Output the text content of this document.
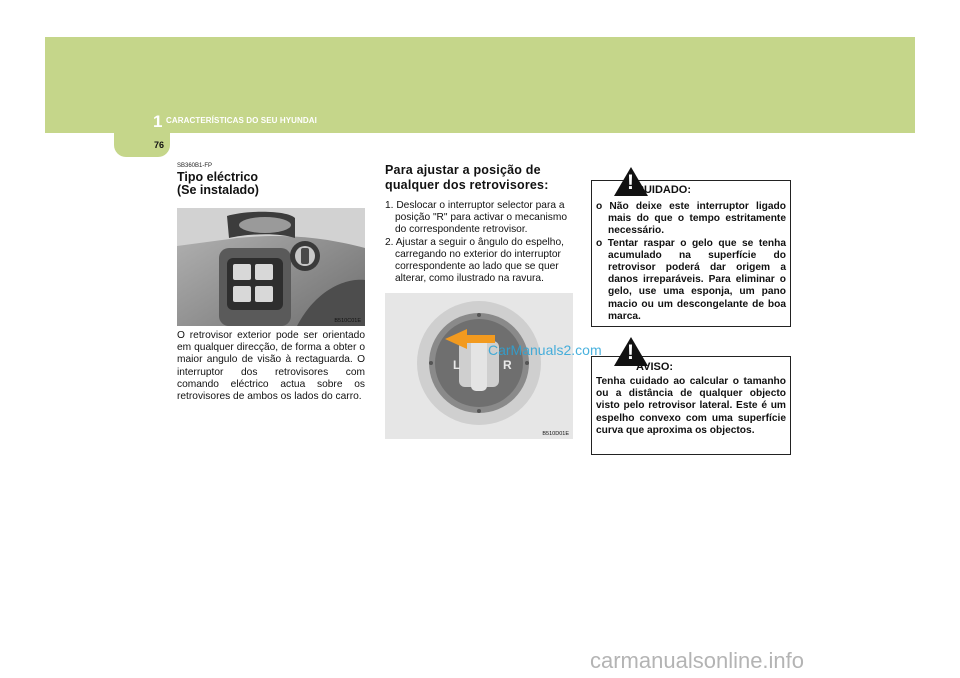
1 CARACTERÍSTICAS DO SEU HYUNDAI
76

SB360B1-FP

Tipo eléctrico

(Se instalado)

B510C01E

O retrovisor exterior pode ser orientado em qualquer direcção, de forma a obter o maior angulo de visão à rectaguarda. O interruptor dos retrovisores com comando eléctrico actua sobre os retrovisores de ambos os lados do carro.

Para ajustar a posição de qualquer dos retrovisores:

1. Deslocar o interruptor selector para a posição "R" para activar o mecanismo do correspondente retrovisor.
2. Ajustar a seguir o ângulo do espelho, carregando no exterior do interruptor correspondente ao lado que se quer alterar, como ilustrado na ravura.
L	R
B510D01E
! CUIDADO:
o Não deixe este interruptor ligado mais do que o tempo estritamente necessário.
o Tentar raspar o gelo que se tenha acumulado na superfície do retrovisor poderá dar origem a danos irreparáveis. Para eliminar o gelo, use uma esponja, um pano macio ou um descongelante de boa marca.
!
AVISO:

Tenha cuidado ao calcular o tamanho ou a distância de qualquer objecto visto pelo retrovisor lateral. Este é um espelho convexo com uma superfície curva que aproxima os objectos.

CarManuals2.com
carmanualsonline.info
